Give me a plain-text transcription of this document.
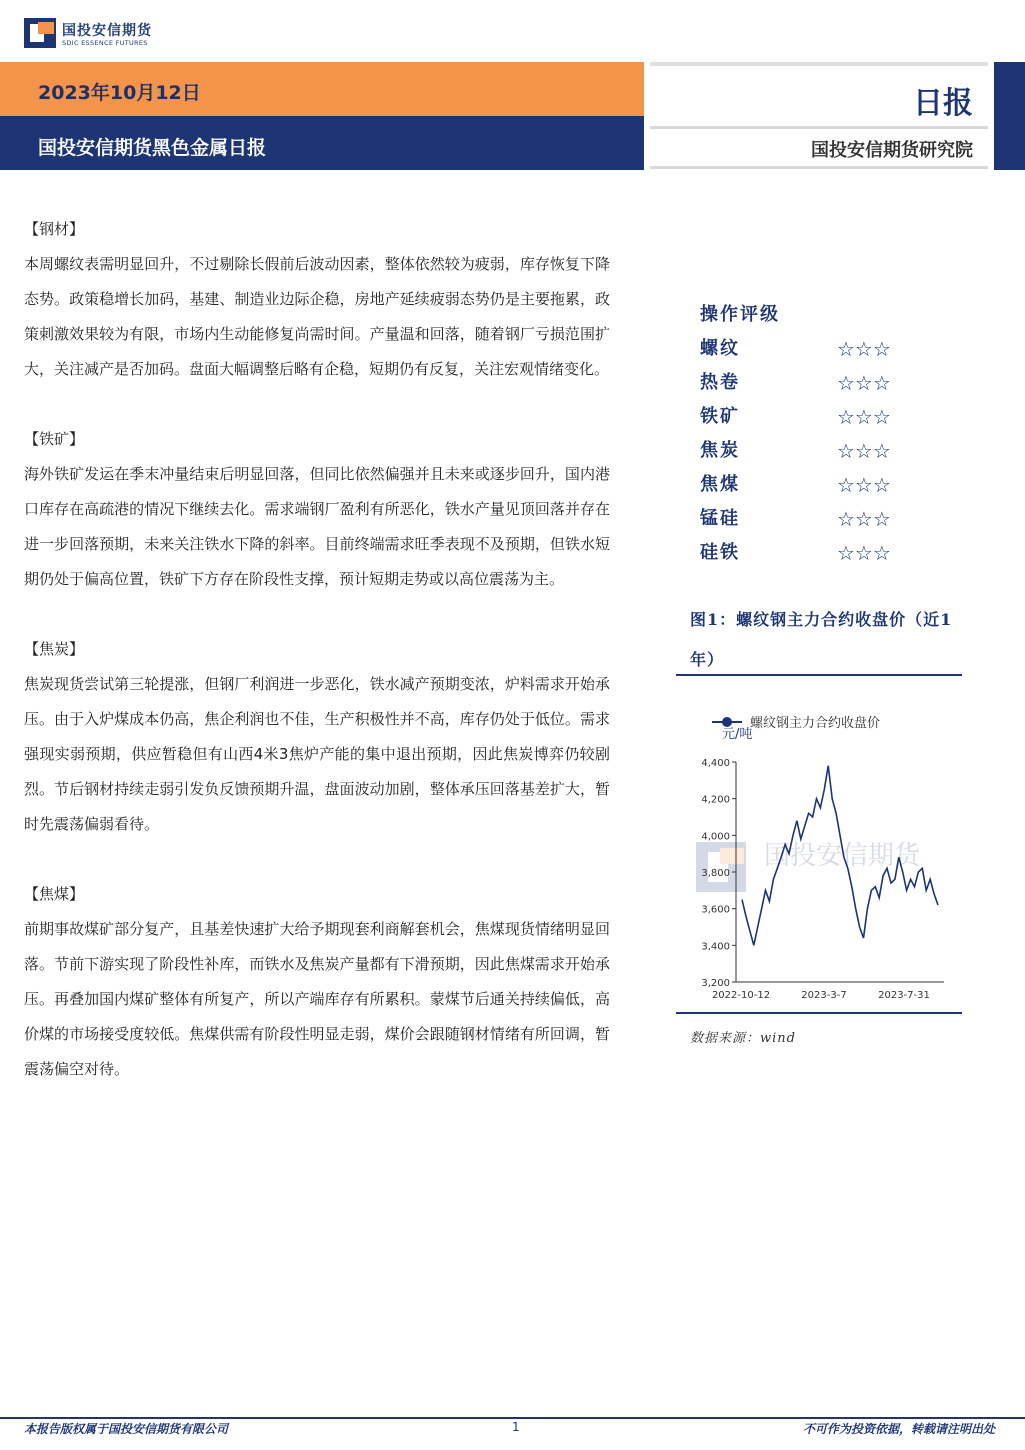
国投安信期货
SDIC ESSENCE FUTURES
2023年10月12日
国投安信期货黑色金属日报
日报
国投安信期货研究院
【钢材】
本周螺纹表需明显回升，不过剔除长假前后波动因素，整体依然较为疲弱，库存恢复下降态势。政策稳增长加码，基建、制造业边际企稳，房地产延续疲弱态势仍是主要拖累，政策刺激效果较为有限，市场内生动能修复尚需时间。产量温和回落，随着钢厂亏损范围扩大，关注减产是否加码。盘面大幅调整后略有企稳，短期仍有反复，关注宏观情绪变化。
【铁矿】
海外铁矿发运在季末冲量结束后明显回落，但同比依然偏强并且未来或逐步回升，国内港口库存在高疏港的情况下继续去化。需求端钢厂盈利有所恶化，铁水产量见顶回落并存在进一步回落预期，未来关注铁水下降的斜率。目前终端需求旺季表现不及预期，但铁水短期仍处于偏高位置，铁矿下方存在阶段性支撑，预计短期走势或以高位震荡为主。
【焦炭】
焦炭现货尝试第三轮提涨，但钢厂利润进一步恶化，铁水减产预期变浓，炉料需求开始承压。由于入炉煤成本仍高，焦企利润也不佳，生产积极性并不高，库存仍处于低位。需求强现实弱预期，供应暂稳但有山西4米3焦炉产能的集中退出预期，因此焦炭博弈仍较剧烈。节后钢材持续走弱引发负反馈预期升温，盘面波动加剧，整体承压回落基差扩大，暂时先震荡偏弱看待。
【焦煤】
前期事故煤矿部分复产，且基差快速扩大给予期现套利商解套机会，焦煤现货情绪明显回落。节前下游实现了阶段性补库，而铁水及焦炭产量都有下滑预期，因此焦煤需求开始承压。再叠加国内煤矿整体有所复产，所以产端库存有所累积。蒙煤节后通关持续偏低，高价煤的市场接受度较低。焦煤供需有阶段性明显走弱，煤价会跟随钢材情绪有所回调，暂震荡偏空对待。
操作评级
螺纹	☆☆☆
热卷	☆☆☆
铁矿	☆☆☆
焦炭	☆☆☆
焦煤	☆☆☆
锰硅	☆☆☆
硅铁	☆☆☆
图1：螺纹钢主力合约收盘价（近1年）
国投安信期货
螺纹钢主力合约收盘价
元/吨
3,200
3,400
3,600
3,800
4,000
4,200
4,400
2022-10-12	2023-3-7	2023-7-31
数据来源：wind
本报告版权属于国投安信期货有限公司	1	不可作为投资依据，转载请注明出处
